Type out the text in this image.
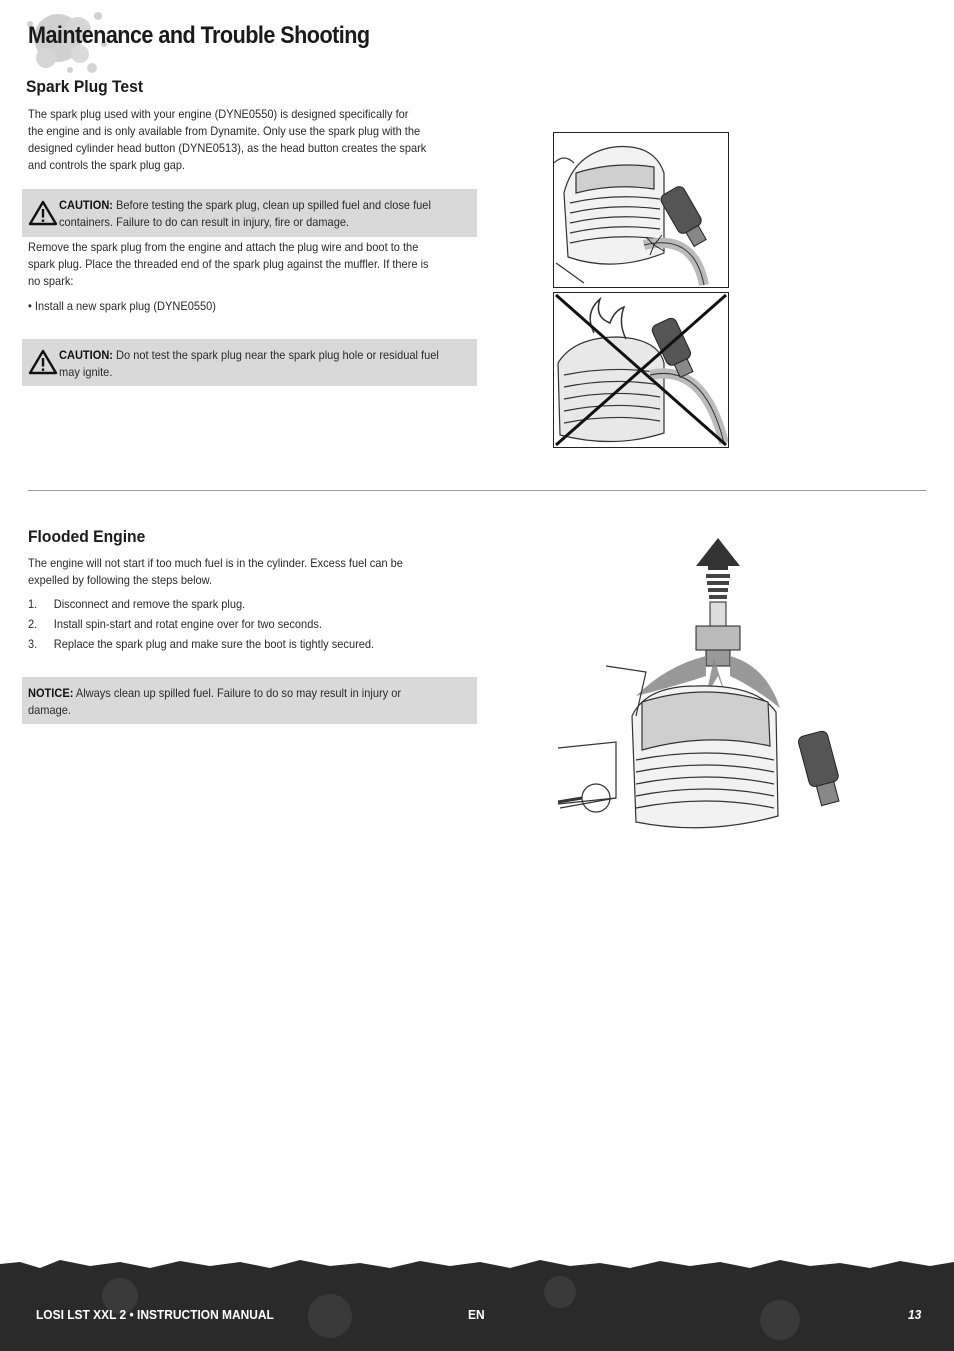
Maintenance and Trouble Shooting
Spark Plug Test

The spark plug used with your engine (DYNE0550) is designed specifically for
the engine and is only available from Dynamite. Only use the spark plug with the
designed cylinder head button (DYNE0513), as the head button creates the spark
and controls the spark plug gap.

CAUTION: Before testing the spark plug, clean up spilled fuel and close fuel
containers. Failure to do can result in injury, fire or damage.

Remove the spark plug from the engine and attach the plug wire and boot to the
spark plug. Place the threaded end of the spark plug against the muffler. If there is
no spark:

• Install a new spark plug (DYNE0550)

CAUTION: Do not test the spark plug near the spark plug hole or residual fuel
may ignite.

Flooded Engine

The engine will not start if too much fuel is in the cylinder. Excess fuel can be
expelled by following the steps below.

1. Disconnect and remove the spark plug.
2. Install spin-start and rotat engine over for two seconds.
3. Replace the spark plug and make sure the boot is tightly secured.

NOTICE: Always clean up spilled fuel. Failure to do so may result in injury or
damage.

LOSI LST XXL 2 • INSTRUCTION MANUAL	EN	13
